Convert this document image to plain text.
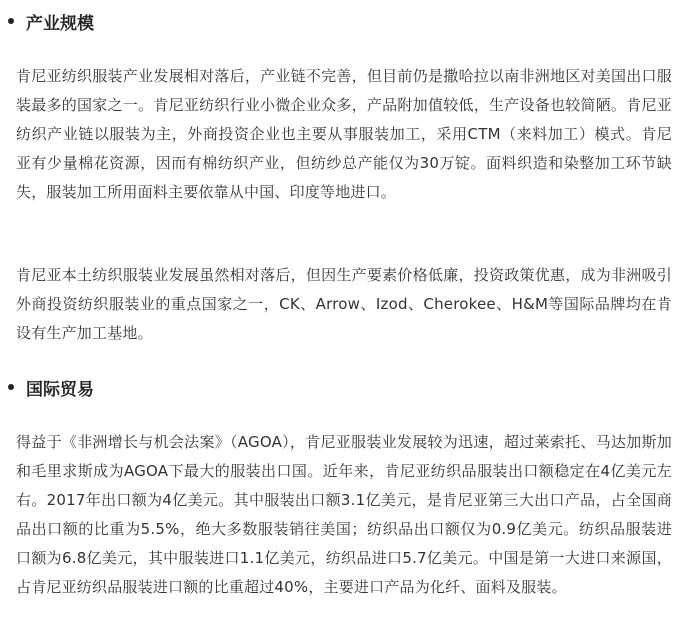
产业规模

肯尼亚纺织服装产业发展相对落后，产业链不完善，但目前仍是撒哈拉以南非洲地区对美国出口服装最多的国家之一。肯尼亚纺织行业小微企业众多，产品附加值较低，生产设备也较简陋。肯尼亚纺织产业链以服装为主，外商投资企业也主要从事服装加工，采用CTM（来料加工）模式。肯尼亚有少量棉花资源，因而有棉纺织产业，但纺纱总产能仅为30万锭。面料织造和染整加工环节缺失，服装加工所用面料主要依靠从中国、印度等地进口。

肯尼亚本土纺织服装业发展虽然相对落后，但因生产要素价格低廉，投资政策优惠，成为非洲吸引外商投资纺织服装业的重点国家之一，CK、Arrow、Izod、Cherokee、H&M等国际品牌均在肯设有生产加工基地。

国际贸易

得益于《非洲增长与机会法案》（AGOA），肯尼亚服装业发展较为迅速，超过莱索托、马达加斯加和毛里求斯成为AGOA下最大的服装出口国。近年来，肯尼亚纺织品服装出口额稳定在4亿美元左右。2017年出口额为4亿美元。其中服装出口额3.1亿美元，是肯尼亚第三大出口产品，占全国商品出口额的比重为5.5%，绝大多数服装销往美国；纺织品出口额仅为0.9亿美元。纺织品服装进口额为6.8亿美元，其中服装进口1.1亿美元，纺织品进口5.7亿美元。中国是第一大进口来源国，占肯尼亚纺织品服装进口额的比重超过40%，主要进口产品为化纤、面料及服装。
